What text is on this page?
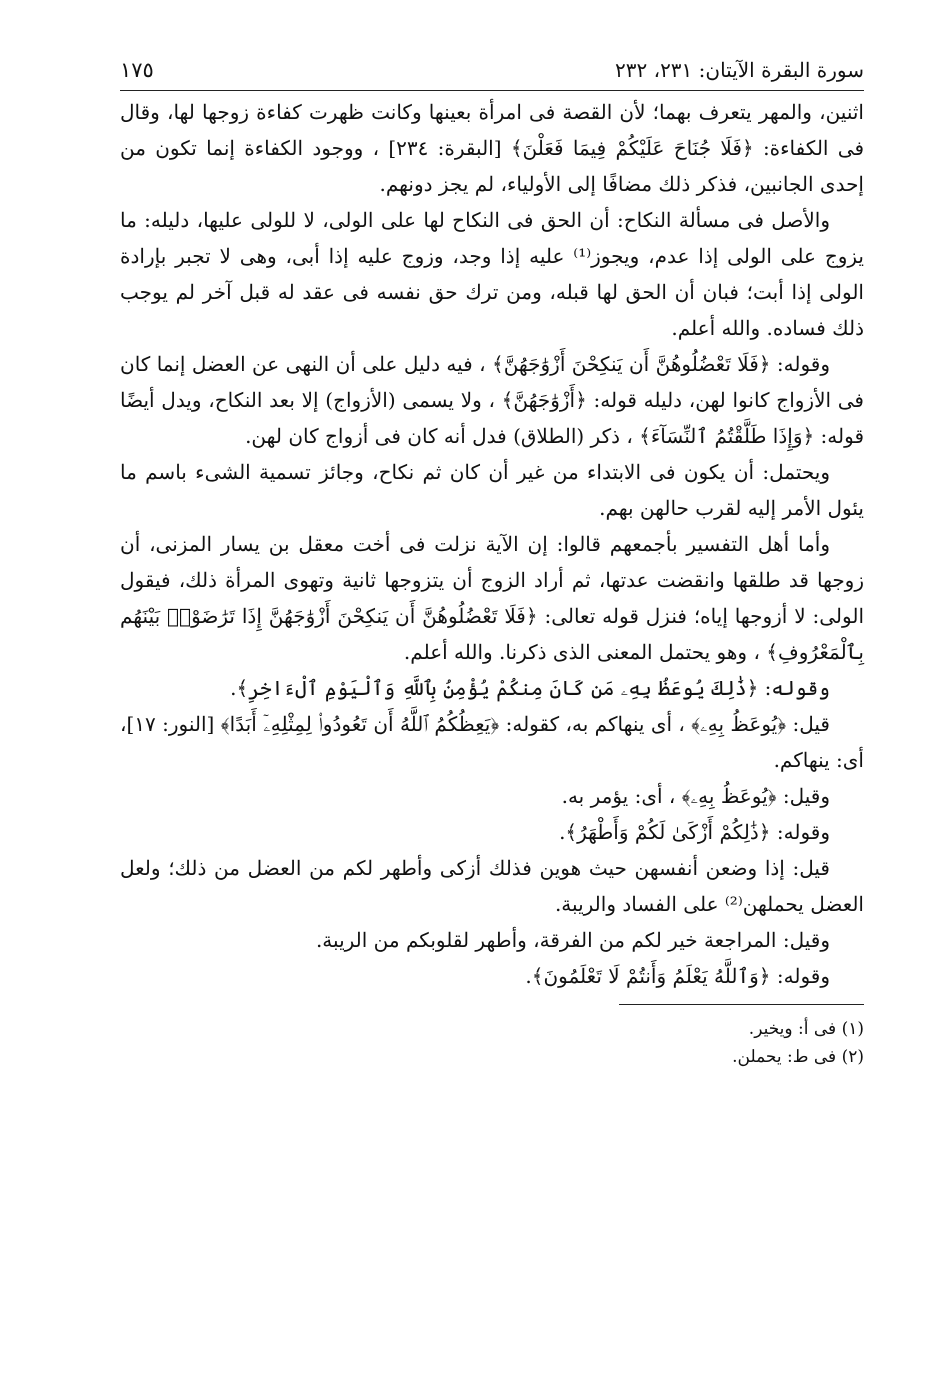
سورة البقرة الآيتان: ٢٣١، ٢٣٢
١٧٥

اثنين، والمهر يتعرف بهما؛ لأن القصة فى امرأة بعينها وكانت ظهرت كفاءة زوجها لها، وقال فى الكفاءة: ﴿فَلَا جُنَاحَ عَلَيْكُمْ فِيمَا فَعَلْنَ﴾ [البقرة: ٢٣٤] ، ووجود الكفاءة إنما تكون من إحدى الجانبين، فذكر ذلك مضافًا إلى الأولياء، لم يجز دونهم.

والأصل فى مسألة النكاح: أن الحق فى النكاح لها على الولى، لا للولى عليها، دليله: ما يزوج على الولى إذا عدم، ويجوز⁽¹⁾ عليه إذا وجد، وزوج عليه إذا أبى، وهى لا تجبر بإرادة الولى إذا أبت؛ فبان أن الحق لها قبله، ومن ترك حق نفسه فى عقد له قبل آخر لم يوجب ذلك فساده. والله أعلم.

وقوله: ﴿فَلَا تَعْضُلُوهُنَّ أَن يَنكِحْنَ أَزْوَٰجَهُنَّ﴾ ، فيه دليل على أن النهى عن العضل إنما كان فى الأزواج كانوا لهن، دليله قوله: ﴿أَزْوَٰجَهُنَّ﴾ ، ولا يسمى (الأزواج) إلا بعد النكاح، ويدل أيضًا قوله: ﴿وَإِذَا طَلَّقْتُمُ ٱلنِّسَآءَ﴾ ، ذكر (الطلاق) فدل أنه كان فى أزواج كان لهن.

ويحتمل: أن يكون فى الابتداء من غير أن كان ثم نكاح، وجائز تسمية الشىء باسم ما يئول الأمر إليه لقرب حالهن بهم.

وأما أهل التفسير بأجمعهم قالوا: إن الآية نزلت فى أخت معقل بن يسار المزنى، أن زوجها قد طلقها وانقضت عدتها، ثم أراد الزوج أن يتزوجها ثانية وتهوى المرأة ذلك، فيقول الولى: لا أزوجها إياه؛ فنزل قوله تعالى: ﴿فَلَا تَعْضُلُوهُنَّ أَن يَنكِحْنَ أَزْوَٰجَهُنَّ إِذَا تَرَٰضَوْا۟ بَيْنَهُم بِٱلْمَعْرُوفِ﴾ ، وهو يحتمل المعنى الذى ذكرنا. والله أعلم.

وقوله: ﴿ذَٰلِكَ يُوعَظُ بِهِۦ مَن كَانَ مِنكُمْ يُؤْمِنُ بِٱللَّهِ وَٱلْيَوْمِ ٱلْءَاخِرِ﴾.

قيل: ﴿يُوعَظُ بِهِۦ﴾ ، أى ينهاكم به، كقوله: ﴿يَعِظُكُمُ ٱللَّهُ أَن تَعُودُوا۟ لِمِثْلِهِۦٓ أَبَدًا﴾ [النور: ١٧]، أى: ينهاكم.

وقيل: ﴿يُوعَظُ بِهِۦ﴾ ، أى: يؤمر به.

وقوله: ﴿ذَٰلِكُمْ أَزْكَىٰ لَكُمْ وَأَطْهَرُ﴾.

قيل: إذا وضعن أنفسهن حيث هوين فذلك أزكى وأطهر لكم من العضل من ذلك؛ ولعل العضل يحملهن⁽²⁾ على الفساد والريبة.

وقيل: المراجعة خير لكم من الفرقة، وأطهر لقلوبكم من الريبة.

وقوله: ﴿وَٱللَّهُ يَعْلَمُ وَأَنتُمْ لَا تَعْلَمُونَ﴾.

(١) فى أ: ويخير.

(٢) فى ط: يحملن.
